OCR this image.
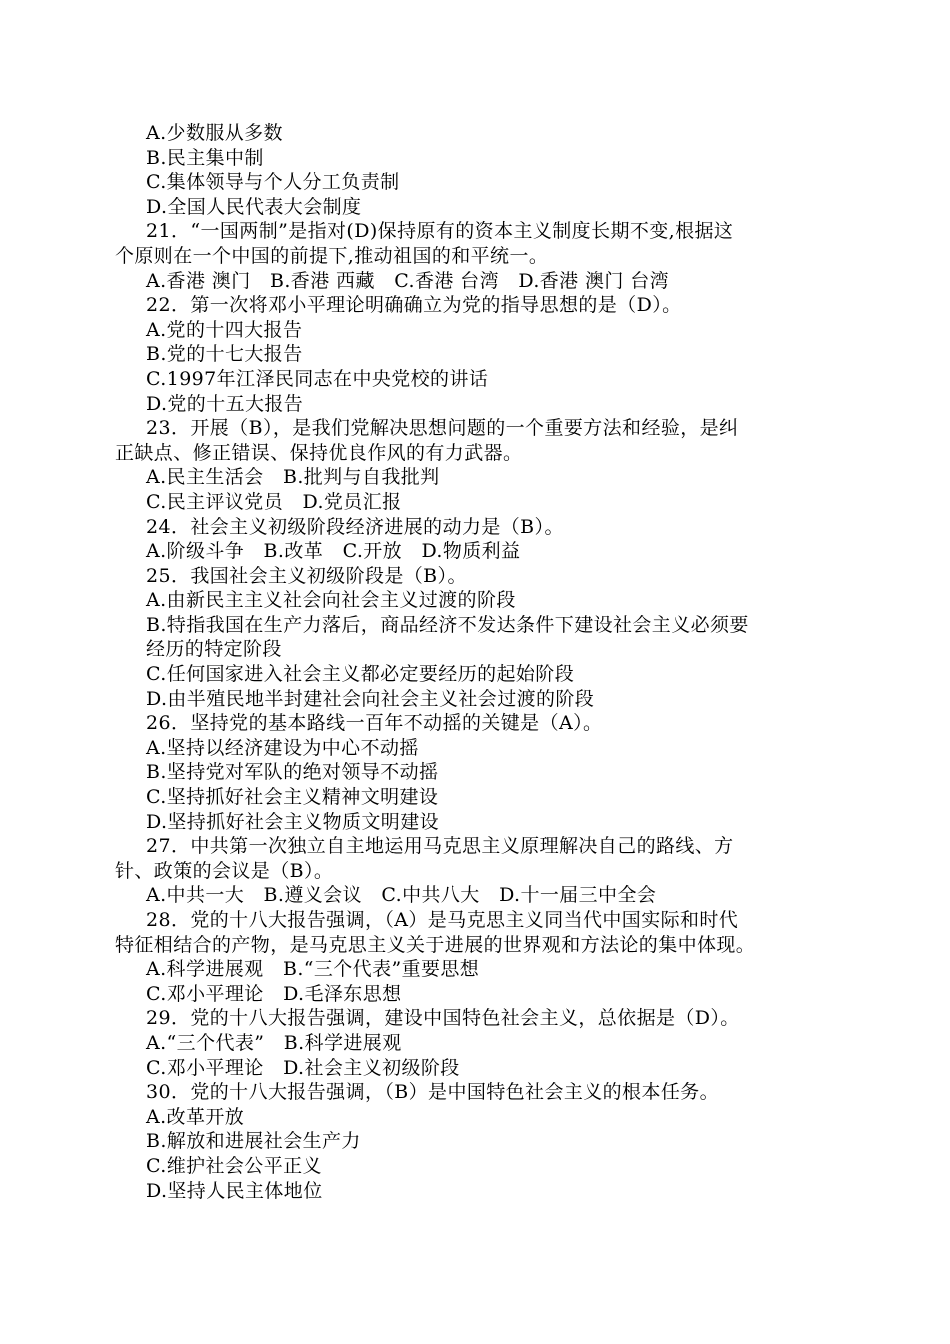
A.少数服从多数
B.民主集中制
C.集体领导与个人分工负责制
D.全国人民代表大会制度
21．“一国两制”是指对(D)保持原有的资本主义制度长期不变,根据这
个原则在一个中国的前提下,推动祖国的和平统一。
A.香港 澳门　B.香港 西藏　C.香港 台湾　D.香港 澳门 台湾
22．第一次将邓小平理论明确确立为党的指导思想的是（D）。
A.党的十四大报告
B.党的十七大报告
C.1997年江泽民同志在中央党校的讲话
D.党的十五大报告
23．开展（B），是我们党解决思想问题的一个重要方法和经验，是纠
正缺点、修正错误、保持优良作风的有力武器。
A.民主生活会　B.批判与自我批判
C.民主评议党员　D.党员汇报
24．社会主义初级阶段经济进展的动力是（B）。
A.阶级斗争　B.改革　C.开放　D.物质利益
25．我国社会主义初级阶段是（B）。
A.由新民主主义社会向社会主义过渡的阶段
B.特指我国在生产力落后，商品经济不发达条件下建设社会主义必须要
经历的特定阶段
C.任何国家进入社会主义都必定要经历的起始阶段
D.由半殖民地半封建社会向社会主义社会过渡的阶段
26．坚持党的基本路线一百年不动摇的关键是（A）。
A.坚持以经济建设为中心不动摇
B.坚持党对军队的绝对领导不动摇
C.坚持抓好社会主义精神文明建设
D.坚持抓好社会主义物质文明建设
27．中共第一次独立自主地运用马克思主义原理解决自己的路线、方
针、政策的会议是（B）。
A.中共一大　B.遵义会议　C.中共八大　D.十一届三中全会
28．党的十八大报告强调，（A）是马克思主义同当代中国实际和时代
特征相结合的产物，是马克思主义关于进展的世界观和方法论的集中体现。
A.科学进展观　B.“三个代表”重要思想
C.邓小平理论　D.毛泽东思想
29．党的十八大报告强调，建设中国特色社会主义，总依据是（D）。
A.“三个代表”　B.科学进展观
C.邓小平理论　D.社会主义初级阶段
30．党的十八大报告强调，（B）是中国特色社会主义的根本任务。
A.改革开放
B.解放和进展社会生产力
C.维护社会公平正义
D.坚持人民主体地位
